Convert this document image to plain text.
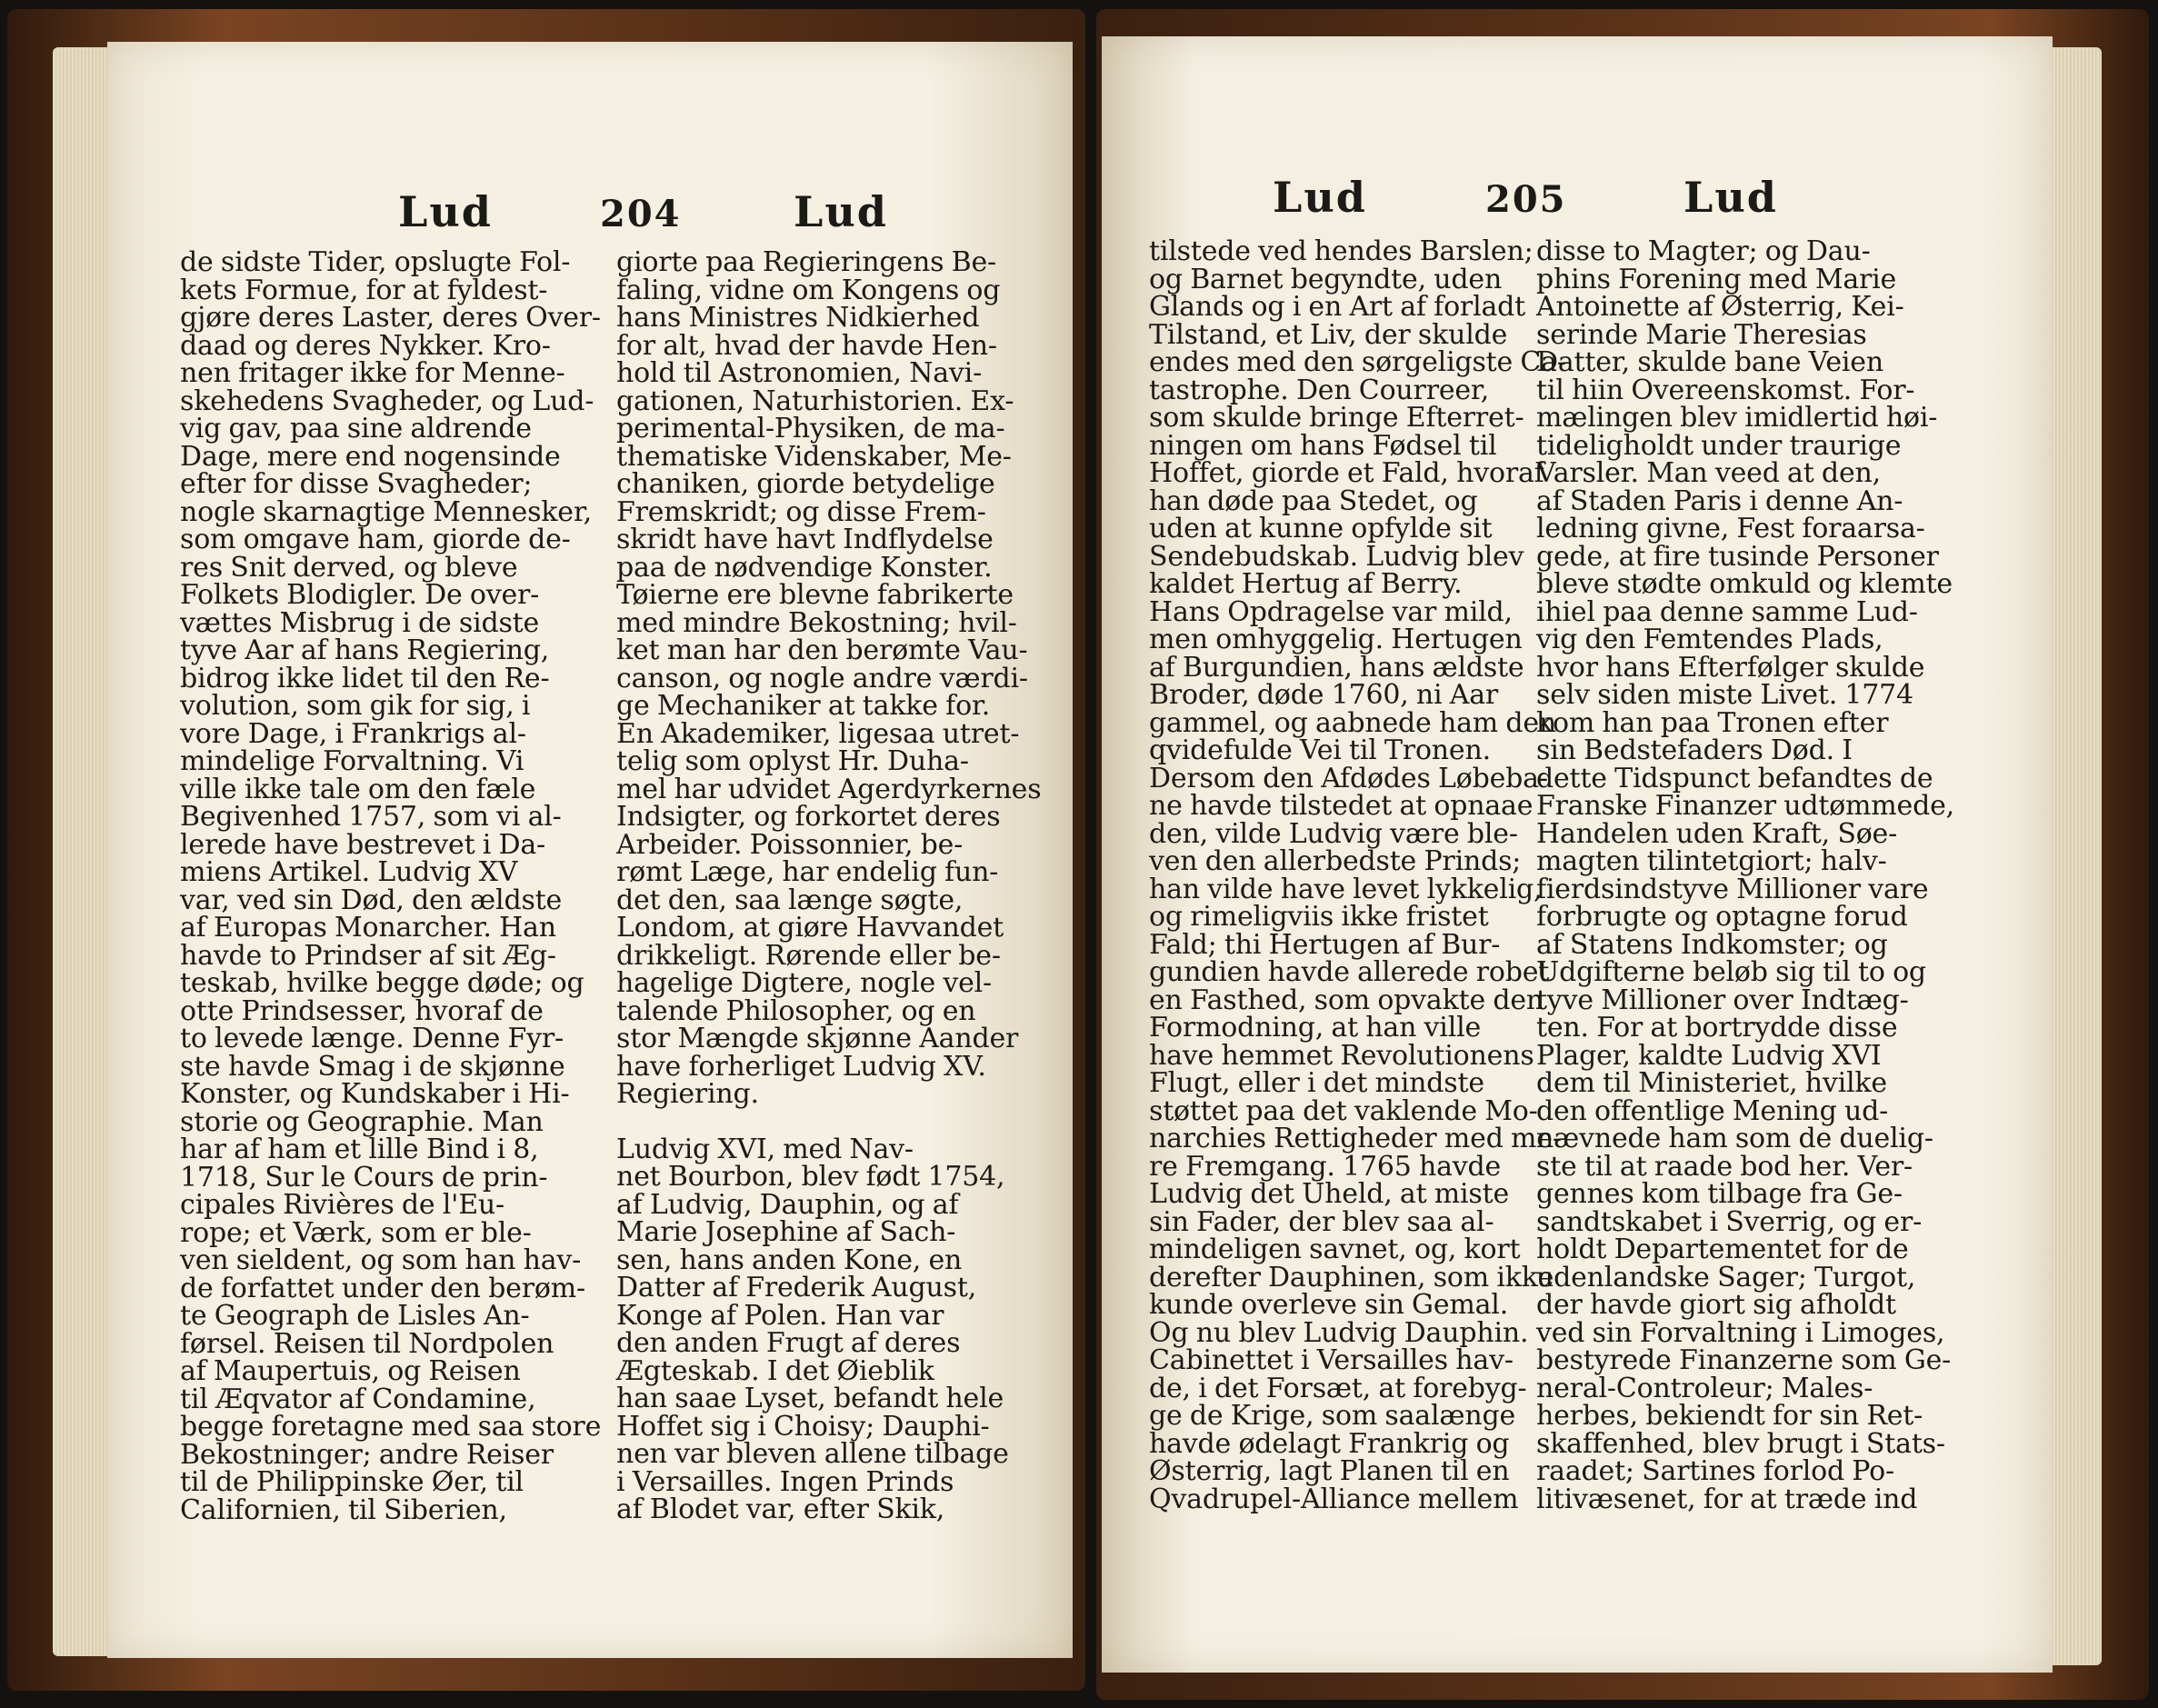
Lud	204	Lud
de sidste Tider, opslugte Fol-
kets Formue, for at fyldest-
gjøre deres Laster, deres Over-
daad og deres Nykker. Kro-
nen fritager ikke for Menne-
skehedens Svagheder, og Lud-
vig gav, paa sine aldrende
Dage, mere end nogensinde
efter for disse Svagheder;
nogle skarnagtige Mennesker,
som omgave ham, giorde de-
res Snit derved, og bleve
Folkets Blodigler. De over-
vættes Misbrug i de sidste
tyve Aar af hans Regiering,
bidrog ikke lidet til den Re-
volution, som gik for sig, i
vore Dage, i Frankrigs al-
mindelige Forvaltning. Vi
ville ikke tale om den fæle
Begivenhed 1757, som vi al-
lerede have bestrevet i Da-
miens Artikel. Ludvig XV
var, ved sin Død, den ældste
af Europas Monarcher. Han
havde to Prindser af sit Æg-
teskab, hvilke begge døde; og
otte Prindsesser, hvoraf de
to levede længe. Denne Fyr-
ste havde Smag i de skjønne
Konster, og Kundskaber i Hi-
storie og Geographie. Man
har af ham et lille Bind i 8,
1718, Sur le Cours de prin-
cipales Rivières de l'Eu-
rope; et Værk, som er ble-
ven sieldent, og som han hav-
de forfattet under den berøm-
te Geograph de Lisles An-
førsel. Reisen til Nordpolen
af Maupertuis, og Reisen
til Æqvator af Condamine,
begge foretagne med saa store
Bekostninger; andre Reiser
til de Philippinske Øer, til
Californien, til Siberien,
giorte paa Regieringens Be-
faling, vidne om Kongens og
hans Ministres Nidkierhed
for alt, hvad der havde Hen-
hold til Astronomien, Navi-
gationen, Naturhistorien. Ex-
perimental-Physiken, de ma-
thematiske Videnskaber, Me-
chaniken, giorde betydelige
Fremskridt; og disse Frem-
skridt have havt Indflydelse
paa de nødvendige Konster.
Tøierne ere blevne fabrikerte
med mindre Bekostning; hvil-
ket man har den berømte Vau-
canson, og nogle andre værdi-
ge Mechaniker at takke for.
En Akademiker, ligesaa utret-
telig som oplyst Hr. Duha-
mel har udvidet Agerdyrkernes
Indsigter, og forkortet deres
Arbeider. Poissonnier, be-
rømt Læge, har endelig fun-
det den, saa længe søgte,
Londom, at giøre Havvandet
drikkeligt. Rørende eller be-
hagelige Digtere, nogle vel-
talende Philosopher, og en
stor Mængde skjønne Aander
have forherliget Ludvig XV.
Regiering.
Ludvig XVI, med Nav-
net Bourbon, blev født 1754,
af Ludvig, Dauphin, og af
Marie Josephine af Sach-
sen, hans anden Kone, en
Datter af Frederik August,
Konge af Polen. Han var
den anden Frugt af deres
Ægteskab. I det Øieblik
han saae Lyset, befandt hele
Hoffet sig i Choisy; Dauphi-
nen var bleven allene tilbage
i Versailles. Ingen Prinds
af Blodet var, efter Skik,
Lud	205	Lud
tilstede ved hendes Barslen;
og Barnet begyndte, uden
Glands og i en Art af forladt
Tilstand, et Liv, der skulde
endes med den sørgeligste Ca-
tastrophe. Den Courreer,
som skulde bringe Efterret-
ningen om hans Fødsel til
Hoffet, giorde et Fald, hvoraf
han døde paa Stedet, og
uden at kunne opfylde sit
Sendebudskab. Ludvig blev
kaldet Hertug af Berry.
Hans Opdragelse var mild,
men omhyggelig. Hertugen
af Burgundien, hans ældste
Broder, døde 1760, ni Aar
gammel, og aabnede ham den
qvidefulde Vei til Tronen.
Dersom den Afdødes Løbeba-
ne havde tilstedet at opnaae
den, vilde Ludvig være ble-
ven den allerbedste Prinds;
han vilde have levet lykkelig,
og rimeligviis ikke fristet
Fald; thi Hertugen af Bur-
gundien havde allerede robet
en Fasthed, som opvakte den
Formodning, at han ville
have hemmet Revolutionens
Flugt, eller i det mindste
støttet paa det vaklende Mo-
narchies Rettigheder med me-
re Fremgang. 1765 havde
Ludvig det Uheld, at miste
sin Fader, der blev saa al-
mindeligen savnet, og, kort
derefter Dauphinen, som ikke
kunde overleve sin Gemal.
Og nu blev Ludvig Dauphin.
Cabinettet i Versailles hav-
de, i det Forsæt, at forebyg-
ge de Krige, som saalænge
havde ødelagt Frankrig og
Østerrig, lagt Planen til en
Qvadrupel-Alliance mellem
disse to Magter; og Dau-
phins Forening med Marie
Antoinette af Østerrig, Kei-
serinde Marie Theresias
Datter, skulde bane Veien
til hiin Overeenskomst. For-
mælingen blev imidlertid høi-
tideligholdt under traurige
Varsler. Man veed at den,
af Staden Paris i denne An-
ledning givne, Fest foraarsa-
gede, at fire tusinde Personer
bleve stødte omkuld og klemte
ihiel paa denne samme Lud-
vig den Femtendes Plads,
hvor hans Efterfølger skulde
selv siden miste Livet. 1774
kom han paa Tronen efter
sin Bedstefaders Død. I
dette Tidspunct befandtes de
Franske Finanzer udtømmede,
Handelen uden Kraft, Søe-
magten tilintetgiort; halv-
fierdsindstyve Millioner vare
forbrugte og optagne forud
af Statens Indkomster; og
Udgifterne beløb sig til to og
tyve Millioner over Indtæg-
ten. For at bortrydde disse
Plager, kaldte Ludvig XVI
dem til Ministeriet, hvilke
den offentlige Mening ud-
nævnede ham som de duelig-
ste til at raade bod her. Ver-
gennes kom tilbage fra Ge-
sandtskabet i Sverrig, og er-
holdt Departementet for de
udenlandske Sager; Turgot,
der havde giort sig afholdt
ved sin Forvaltning i Limoges,
bestyrede Finanzerne som Ge-
neral-Controleur; Males-
herbes, bekiendt for sin Ret-
skaffenhed, blev brugt i Stats-
raadet; Sartines forlod Po-
litivæsenet, for at træde ind
